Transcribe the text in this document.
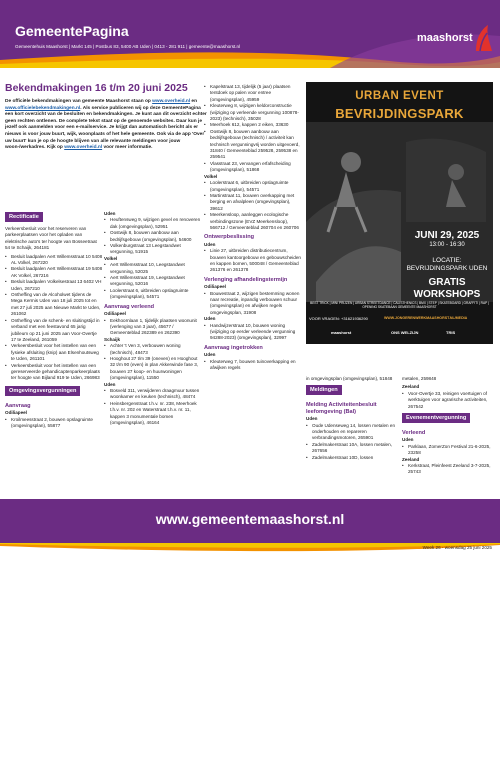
GemeentePagina
Gemeentehuis Maashorst | Markt 145 | Postbus 83, 5400 AB Uden | 0413 - 281 911 | gemeente@maashorst.nl
maashorst
Bekendmakingen 16 t/m 20 juni 2025
De officiële bekendmakingen van gemeente Maashorst staan op www.overheid.nl en www.officielebekendmakingen.nl. Als service publiceren wij op deze GemeentePagina een kort overzicht van de besluiten en bekendmakingen. Je kunt aan dit overzicht echter geen rechten ontlenen. De complete tekst staat op de genoemde websites. Daar kun je jezelf ook aanmelden voor een e-mailservice. Je krijgt dan automatisch bericht als er nieuws is voor jouw buurt, wijk, woonplaats of het hele gemeente. Ook via de app 'Over uw buurt' kun je op de hoogte blijven van alle relevante meldingen voor jouw woon-/werkadres. Kijk op www.overheid.nl voor meer informatie.
Rectificatie
Verkeersbesluit voor het reserveren van parkeerplaatsen voor het opladen van elektrische auto's ter hoogte van Bosseetraat 54 te Schaijk, 264181
• Besluit laadpalen Aert Willemsstraat 10 5408 AL Volkel, 267220
• Besluit laadpalen Aert Willemsstraat 19 5408 AK Volkel, 267216
• Besluit laadpalen Volkelsestraat 13 6402 VH Uden, 267210
• Ontheffing van de Alcoholwet tijdens de Mega Kermis Uden van 18 juli 2025 tot en met 27 juli 2025 aan Nieuwe Markt te Uden, 261062
• Ontheffing van de schenk- en sluitingstijd in verband met een feestavond 65 jarig jubileum op 21 juni 2025 aan Voor-Overtje 17 te Zeeland, 261059
• Verkeersbesluit voor het instellen van een fysieke afsluiting (knip) aan Elsenhoutsweg te Uden, 261101
• Verkeersbesluit voor het instellen van een gereserveerde gehandicaptenparkeerplaats ter hoogte van Bijland 919 te Uden, 266983
Omgevingsvergunningen
Aanvraag
Odiliapeel
• Kroilmeesstraat 2, bouwen opslagruimte (omgevingsplan), 55877
Uden
• Heuftensweg 9, wijzigen gevel en renoveren dak (omgevingsplan), 52951
• Oostwijk 8, bouwen aanbouw aan bedrijfsgebouw (omgevingsplan), 54600
• Volkenburgstraat 13 Leegstandwet vergunning, 51915
Volkel
• Aert Willemsstraat 10, Leegstandwet vergunning, 52025
• Aert Willemsstraat 19, Leegstandwet vergunning, 52016
• Loolerstraat 6, uitbreiden opslagruimte (omgevingsplan), 54571
Aanvraag verleend
Odiliapeel
• Eekhoornlaan 1, tijdelijk plaatsen woonunit (verlenging van 3 jaar), 45677 / Gemeenteblad 262389 en 262390
Schaijk
• Achter 't Ven 3, verbouwen woning (technisch), 48473
• Hooghout 27 t/m 39 (oneven) en Hooghout 32 t/m 90 (even) in plan Akkerwinde fase 3, bouwen 27 koop- en huurwoningen (omgevingsplan), 11550
Uden
• Bosveld 311, verwijderen draagmuur tussen woonkamer en keuken (technisch), 48474
• Heinsbergenstraat t.h.v. nr. 238, Meerhoek t.h.v. nr. 202 en Waterstraat t.h.v. nr. 11, kappen 3 monumentale bomen (omgevingsplan), 46164
• Kapelstraat 13, tijdelijk (5 jaar) plaatsen tentdoek op palen voor entree (omgevingsplan), 45959
• Kleuterweg 8, wijzigen keldorconstructie (wijziging op verleende vergunning 100878-2023) (technisch), 35028
• Meerhoek 612, kappen 2 eiken, 33630
• Oostwijk 8, bouwen aanbouw aan bedrijfsgebouw (technisch) / activiteit kan technisch vergunningvrij worden uitgevoerd, 31840 / Gemeenteblad 259528, 259538 en 259541
• Vlasstraat 23, vervangen erfafscheiding (omgevingsplan), 51868
Volkel
• Loolerstraat 6, uitbreiden opslagruimte (omgevingsplan), 54571
• Martinstraat 11, bouwen overkapping met berging en afvalpleen (omgevingsplan), 39612
• Meerkensloop, aanleggen ecologische verbindingszone (EVZ Meerkensloop), 566712 / Gemeenteblad 260704 en 260706
Ontwerpbeslissing
Uden
• Linie 27, uitbreiden distributiecentrum, bouwen kantoorgebouw en gebouwscheiden en kappen bomen, 500048 / Gemeenteblad 261376 en 261378
Verlenging afhandelingstermijn
Odiliapeel
• Bouwestraat 2, wijzigen bestemming wonen naar recreatie, inpandig verbouwen schuur (omgevingsplan) en afwijken regels omgevingsplan, 31908
Uden
• Handwijzerstraat 10, bouwen woning (wijziging op eerder verleende vergunning 94288-2023) (omgevingsplan), 32997
Aanvraag ingetrokken
Uden
• Kleuterweg 7, bouwen tuinoverkapping en afwijken regels
URBAN EVENT
BEVRIJDINGSPARK
JUNI 29, 2025
13:00 - 16:30
LOCATIE:
BEVRIJDINGSPARK UDEN
GRATIS
WORKSHOPS
BEST TRICK | MINI PRIJZEN | URBAN STREETDANCE | CALISTHENICS | BMX | STEP | SKATEBOARD | GRAFFITI | RAP | OPENING SKATEBAAN GEMEENTE MAASHORST
VOOR VRAGEN: +31621936290	WWW.JONGERENWERKMAASHORST.NL/MEDIA
maashorst	ONS WELZIJN	TRIS
in omgevingsplan (omgevingsplan), 51848
Meldingen
Melding Activiteitenbesluit leefomgeving (Bal)
Uden
• Oude Udenseweg 14, lossen metalen en onderhouden en repareren verbrandingsmotoren, 265901
• Zadelmakerstraat 10A, lossen metalen, 267656
• Zadelmakerstraat 10D, lossen
metalen, 259848
Zeeland
• Voor-Overtje 33, reinigen voertuigen of werktuigen voor agrarische activiteiten, 267542
Evenementvergunning
Verleend
Uden
• Parklaan, ZomerZon Festival 21-6-2025, 23258
Zeeland
• Kerkstraat, Pleinfeest Zeeland 3-7-2025, 25743
www.gemeentemaashorst.nl
Week 26 - woensdag 25 juni 2025
